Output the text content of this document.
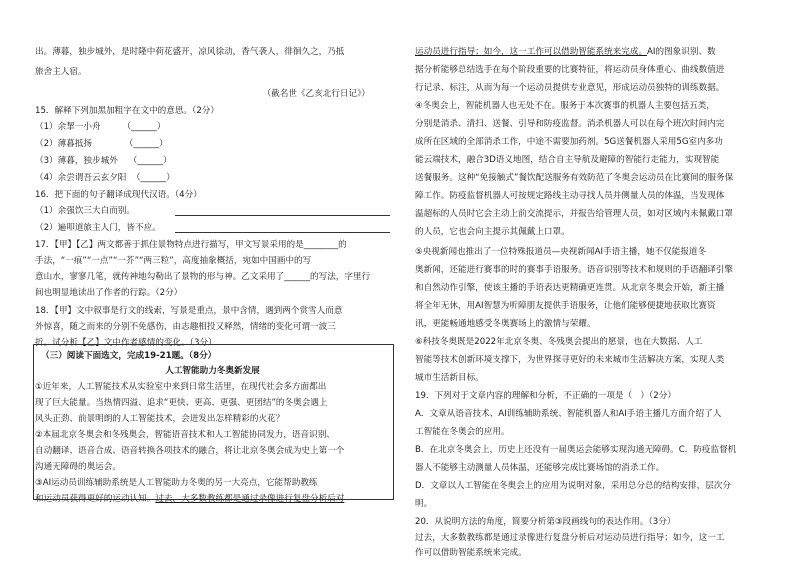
出。薄暮，独步城外，是时隆中荷花盛开，凉风徐动，香气袭人，徘徊久之，乃抵

旅舍主人宿。

（截名世《乙亥北行日记》）

15．解释下列加黑加粗字在文中的意思。（2分）

（1）余挈一小舟        （______）

（2）薄暮抵扬            （______）

（3）薄暮，独步城外    （______）

（4）余尝谓吾云玄夕阳  （______）

16．把下面的句子翻译成现代汉语。（4分）

（1）余强饮三大白而别。

（2）遍叩道旅主人门，皆不应。

17．【甲】【乙】两文都善于抓住景物特点进行描写，甲文写景采用的是________的

手法，“一痕”“一点”“一芥”“两三粒”，高度抽象概括，宛如中国画中的写

意山水，寥寥几笔，就传神地勾勒出了景物的形与神。乙文采用了______的写法，字里行

间也明显地读出了作者的行踪。（2分）

18．【甲】文中叙事是行文的线索，写景是重点，景中含情，遇到两个赏雪人而意

外惊喜，随之而来的分别不免感伤，由志趣相投又释然，情绪的变化可谓一波三

折。试分析【乙】文中作者感情的变化。（3分）

（三）阅读下面选文，完成19-21题。（8分）

人工智能助力冬奥新发展

①近年来，人工智能技术从实验室中来到日常生活里，在现代社会多方面都出

现了巨大能量。当热情四溢、追求“更快、更高、更强、更团结”的冬奥会遇上

风头正劲、前景明朗的人工智能技术，会迸发出怎样精彩的火花？

②本届北京冬奥会和冬残奥会，智能语音技术和人工智能协同发力，语音识别、

自动翻译、语音合成、语音转换各项技术的融合，将让北京冬奥会成为史上第一个

沟通无障碍的奥运会。

③AI运动员训练辅助系统是人工智能助力冬奥的另一大亮点，它能帮助教练

和运动员获得更好的运动认知。过去，大多数教练都是通过录像进行复盘分析后对

运动员进行指导；如今，这一工作可以借助智能系统来完成。AI的图象识别、数

据分析能够总结选手在每个阶段重要的比赛特征，将运动员身体重心、曲线数值进

行记录、标注，从而为每一个运动员提供专业意见，形成运动员独特的训练数据。

④冬奥会上，智能机器人也无处不在。服务于本次赛事的机器人主要包括五类，

分别是消杀、清扫、送餐、引导和防疫监督。消杀机器人可以在每个班次时间内完

成所在区域的全部消杀工作，中途不需要加药剂。5G送餐机器人采用5G室内多功

能云端技术，融合3D语义地图，结合自主导航及避障的智能行走能力，实现智能

送餐服务。这种“免接触式”餐饮配送服务有效防范了冬奥会运动员在比赛间的服务保

障工作。防疫监督机器人可按规定路线主动寻找人员并侧量人员的体温，当发现体

温超标的人员时它会主动上前交流提示，并报告给管理人员，如对区域内未佩戴口罩

的人员，它也会向主提示其佩戴上口罩。

⑤央视新闻也推出了一位特殊报道员—央视新闻AI手语主播，她不仅能报道冬

奥新闻，还能进行赛事的时的赛事手语服务。语音识别等技术和规则的手语翻译引擎

和自然动作引擎，使该主播的手语表达更精确更连贯。从北京冬奥会开始，新主播

将全年无休，用AI智慧为听障朋友提供手语服务，让他们能够便捷地获取比赛资

讯，更能畅通地感受冬奥赛场上的激情与荣耀。

⑥科技冬奥既是2022年北京冬奥、冬残奥会提出的愿景，也在大数据、人工

智能等技术创新环境支撑下，为世界探寻更好的未来城市生活解决方案，实现人类

城市生活新目标。

19．下列对于文章内容的理解和分析，不正确的一项是（   ）（2分）

A．文章从语音技术、AI训练辅助系统、智能机器人和AI手语主播几方面介绍了人

工智能在冬奥会的应用。

B．在北京冬奥会上，历史上还没有一届奥运会能够实现沟通无障碍。C．防疫监督机

器人不能够主动测量人员体温，还能够完成比赛场馆的消杀工作。

D．文章以人工智能在冬奥会上的应用为说明对象，采用总分总的结构安排，层次分

明。

20．从说明方法的角度，简要分析第③段画线句的表达作用。（3分）

过去，大多数教练都是通过录像进行复盘分析后对运动员进行指导；如今，这一工

作可以借助智能系统来完成。
